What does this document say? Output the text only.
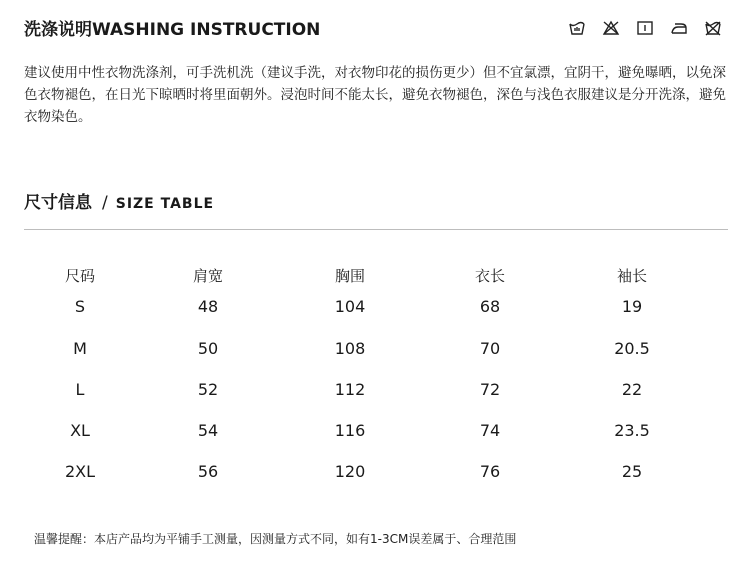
洗涤说明WASHING INSTRUCTION
建议使用中性衣物洗涤剂，可手洗机洗（建议手洗，对衣物印花的损伤更少）但不宜氯漂，宜阴干，避免曝晒，以免深色衣物褪色，在日光下晾晒时将里面朝外。浸泡时间不能太长，避免衣物褪色，深色与浅色衣服建议是分开洗涤，避免衣物染色。
尺寸信息 / SIZE TABLE
尺码	肩宽	胸围	衣长	袖长
S	48	104	68	19
M	50	108	70	20.5
L	52	112	72	22
XL	54	116	74	23.5
2XL	56	120	76	25
温馨提醒：本店产品均为平铺手工测量，因测量方式不同，如有1-3CM误差属于、合理范围
